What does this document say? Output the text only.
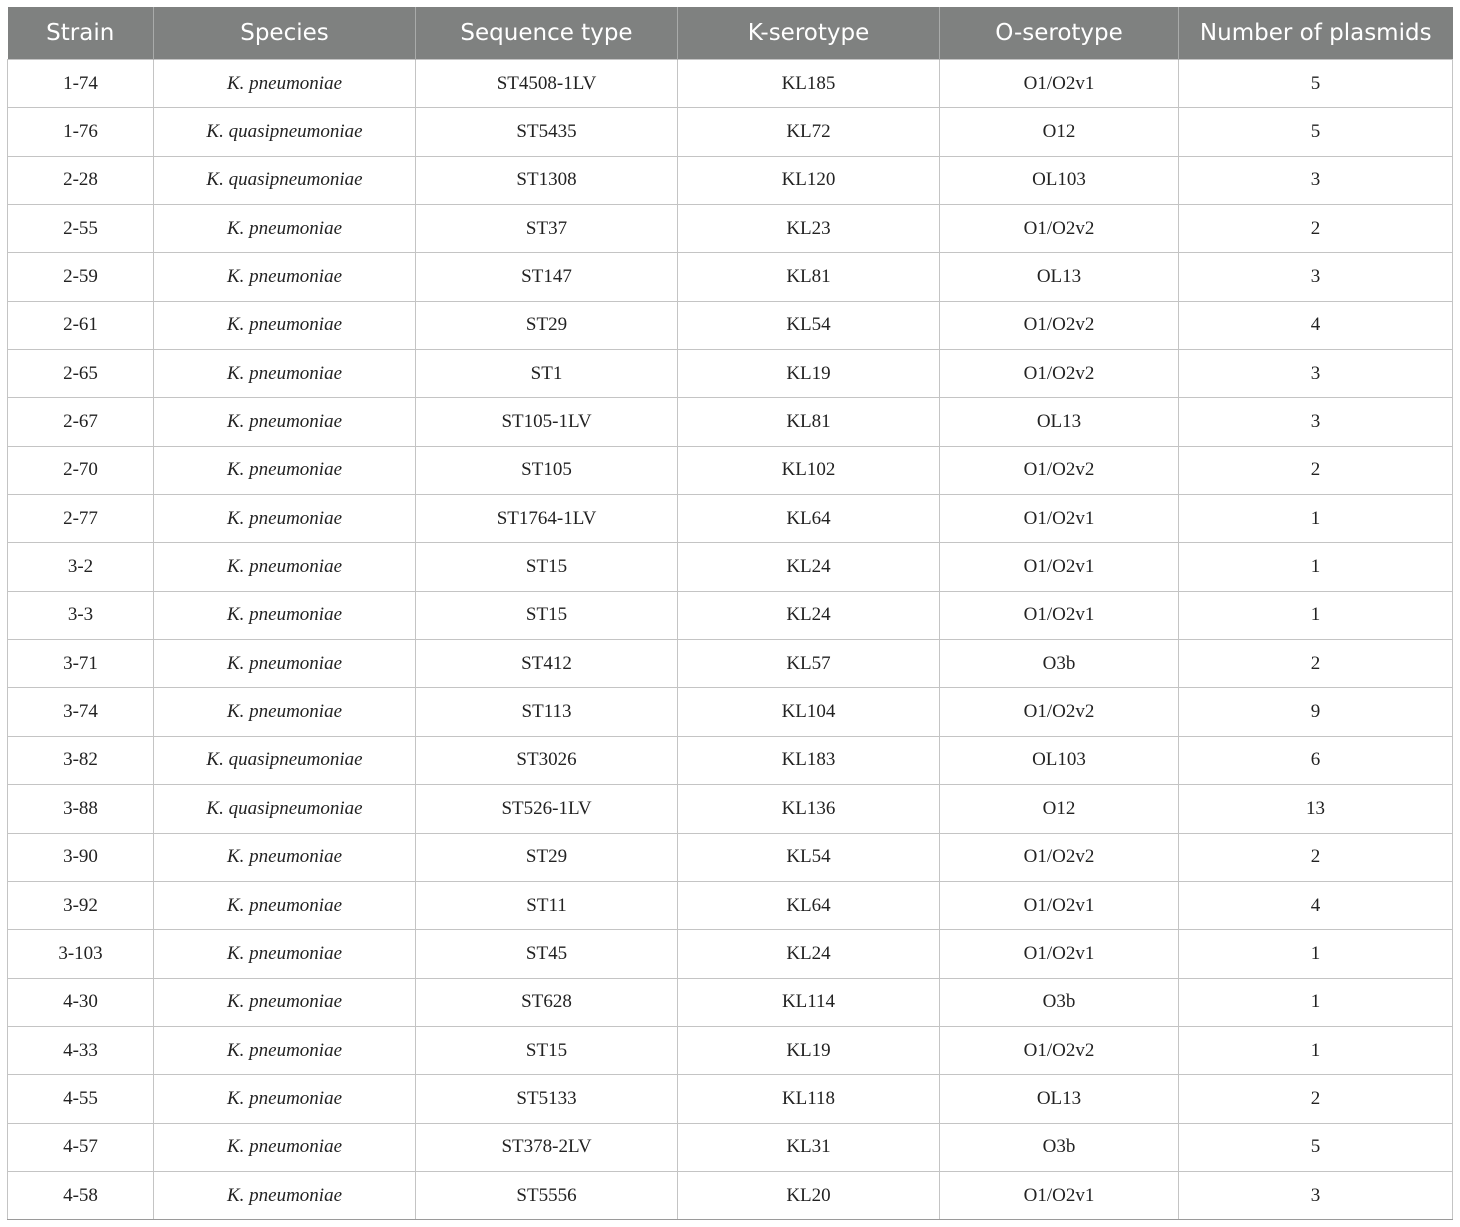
Strain	Species	Sequence type	K-serotype	O-serotype	Number of plasmids
1-74	K. pneumoniae	ST4508-1LV	KL185	O1/O2v1	5
1-76	K. quasipneumoniae	ST5435	KL72	O12	5
2-28	K. quasipneumoniae	ST1308	KL120	OL103	3
2-55	K. pneumoniae	ST37	KL23	O1/O2v2	2
2-59	K. pneumoniae	ST147	KL81	OL13	3
2-61	K. pneumoniae	ST29	KL54	O1/O2v2	4
2-65	K. pneumoniae	ST1	KL19	O1/O2v2	3
2-67	K. pneumoniae	ST105-1LV	KL81	OL13	3
2-70	K. pneumoniae	ST105	KL102	O1/O2v2	2
2-77	K. pneumoniae	ST1764-1LV	KL64	O1/O2v1	1
3-2	K. pneumoniae	ST15	KL24	O1/O2v1	1
3-3	K. pneumoniae	ST15	KL24	O1/O2v1	1
3-71	K. pneumoniae	ST412	KL57	O3b	2
3-74	K. pneumoniae	ST113	KL104	O1/O2v2	9
3-82	K. quasipneumoniae	ST3026	KL183	OL103	6
3-88	K. quasipneumoniae	ST526-1LV	KL136	O12	13
3-90	K. pneumoniae	ST29	KL54	O1/O2v2	2
3-92	K. pneumoniae	ST11	KL64	O1/O2v1	4
3-103	K. pneumoniae	ST45	KL24	O1/O2v1	1
4-30	K. pneumoniae	ST628	KL114	O3b	1
4-33	K. pneumoniae	ST15	KL19	O1/O2v2	1
4-55	K. pneumoniae	ST5133	KL118	OL13	2
4-57	K. pneumoniae	ST378-2LV	KL31	O3b	5
4-58	K. pneumoniae	ST5556	KL20	O1/O2v1	3
